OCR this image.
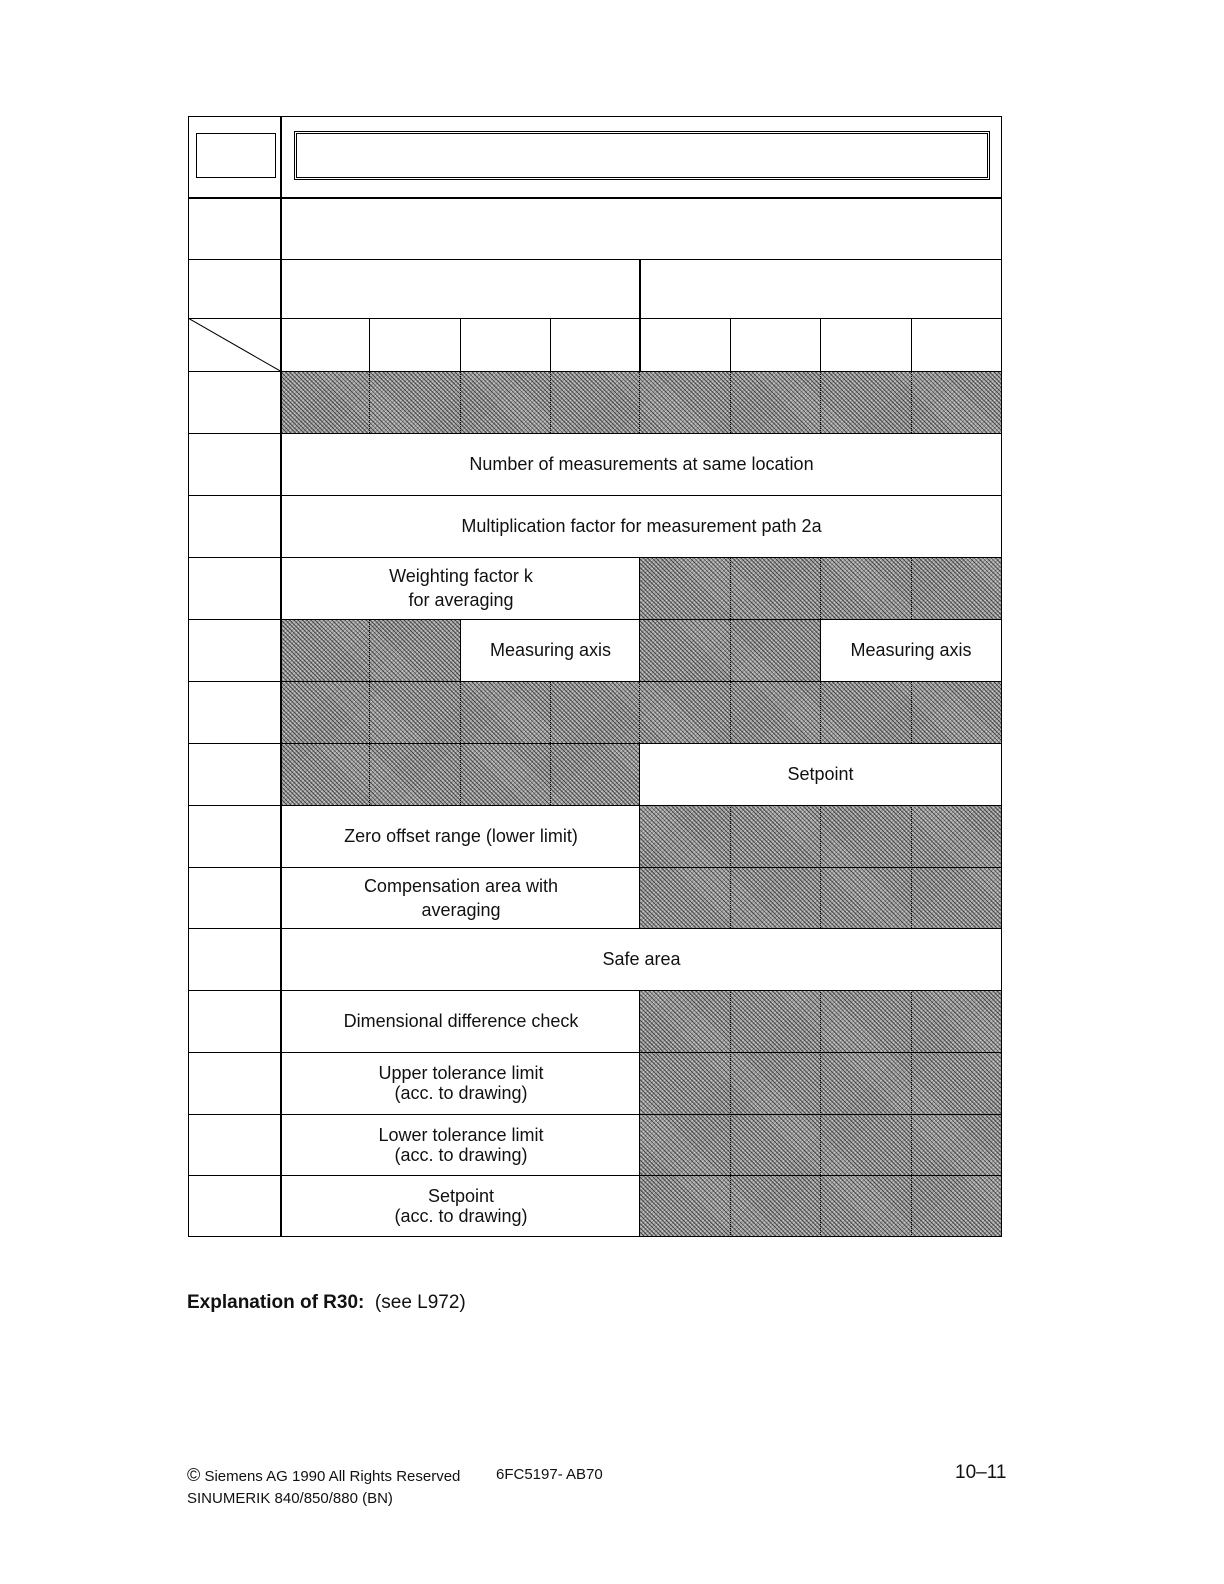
Number of measurements at same location
Multiplication factor for measurement path 2a
Weighting factor k
for averaging
Measuring axis	Measuring axis
Setpoint
Zero offset range (lower limit)
Compensation area with
averaging
Safe area
Dimensional difference check
Upper tolerance limit
(acc. to drawing)
Lower tolerance limit
(acc. to drawing)
Setpoint
(acc. to drawing)
Explanation of R30: (see L972)
© Siemens AG 1990 All Rights Reserved 6FC5197- AB70
SINUMERIK 840/850/880 (BN)
10–11
